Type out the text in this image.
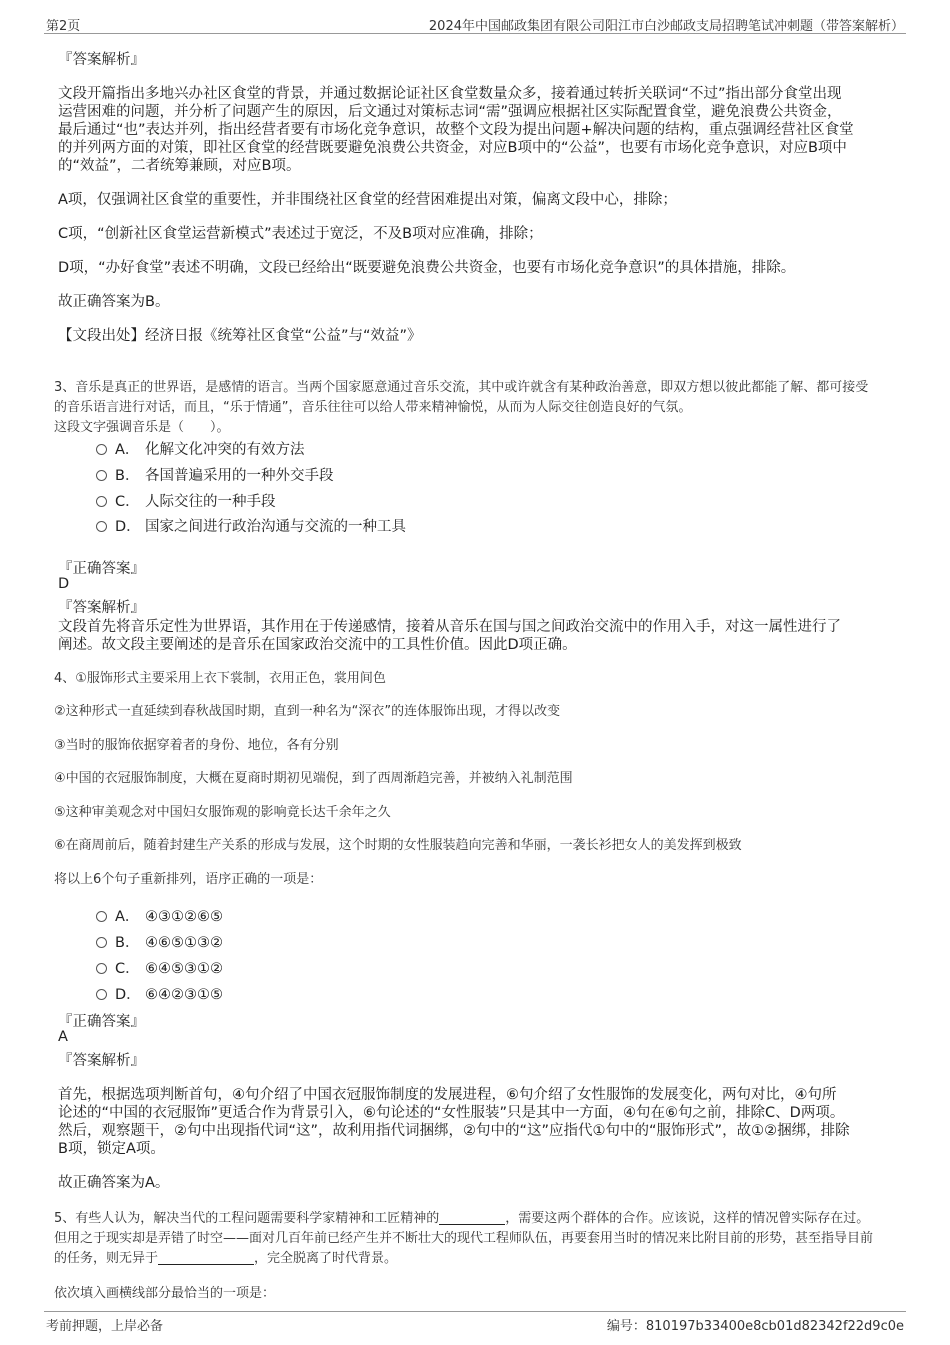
第2页	2024年中国邮政集团有限公司阳江市白沙邮政支局招聘笔试冲刺题（带答案解析）
『答案解析』
文段开篇指出多地兴办社区食堂的背景，并通过数据论证社区食堂数量众多，接着通过转折关联词“不过”指出部分食堂出现
运营困难的问题，并分析了问题产生的原因，后文通过对策标志词“需”强调应根据社区实际配置食堂，避免浪费公共资金，
最后通过“也”表达并列，指出经营者要有市场化竞争意识，故整个文段为提出问题+解决问题的结构，重点强调经营社区食堂
的并列两方面的对策，即社区食堂的经营既要避免浪费公共资金，对应B项中的“公益”，也要有市场化竞争意识，对应B项中
的“效益”，二者统筹兼顾，对应B项。
A项，仅强调社区食堂的重要性，并非围绕社区食堂的经营困难提出对策，偏离文段中心，排除；
C项，“创新社区食堂运营新模式”表述过于宽泛，不及B项对应准确，排除；
D项，“办好食堂”表述不明确，文段已经给出“既要避免浪费公共资金，也要有市场化竞争意识”的具体措施，排除。
故正确答案为B。
【文段出处】经济日报《统筹社区食堂“公益”与“效益”》
3、音乐是真正的世界语，是感情的语言。当两个国家愿意通过音乐交流，其中或许就含有某种政治善意，即双方想以彼此都能了解、都可接受
的音乐语言进行对话，而且，“乐于情通”，音乐往往可以给人带来精神愉悦，从而为人际交往创造良好的气氛。
这段文字强调音乐是（　　）。
A． 化解文化冲突的有效方法
B． 各国普遍采用的一种外交手段
C． 人际交往的一种手段
D． 国家之间进行政治沟通与交流的一种工具
『正确答案』
D
『答案解析』
文段首先将音乐定性为世界语，其作用在于传递感情，接着从音乐在国与国之间政治交流中的作用入手，对这一属性进行了
阐述。故文段主要阐述的是音乐在国家政治交流中的工具性价值。因此D项正确。
4、①服饰形式主要采用上衣下裳制，衣用正色，裳用间色
②这种形式一直延续到春秋战国时期，直到一种名为“深衣”的连体服饰出现，才得以改变
③当时的服饰依据穿着者的身份、地位，各有分别
④中国的衣冠服饰制度，大概在夏商时期初见端倪，到了西周渐趋完善，并被纳入礼制范围
⑤这种审美观念对中国妇女服饰观的影响竟长达千余年之久
⑥在商周前后，随着封建生产关系的形成与发展，这个时期的女性服装趋向完善和华丽，一袭长衫把女人的美发挥到极致
将以上6个句子重新排列，语序正确的一项是：
A． ④③①②⑥⑤
B． ④⑥⑤①③②
C． ⑥④⑤③①②
D． ⑥④②③①⑤
『正确答案』
A
『答案解析』
首先，根据选项判断首句，④句介绍了中国衣冠服饰制度的发展进程，⑥句介绍了女性服饰的发展变化，两句对比，④句所
论述的“中国的衣冠服饰”更适合作为背景引入，⑥句论述的“女性服装”只是其中一方面，④句在⑥句之前，排除C、D两项。
然后，观察题干，②句中出现指代词“这”，故利用指代词捆绑，②句中的“这”应指代①句中的“服饰形式”，故①②捆绑，排除
B项，锁定A项。
故正确答案为A。
5、有些人认为，解决当代的工程问题需要科学家精神和工匠精神的	，需要这两个群体的合作。应该说，这样的情况曾实际存在过。
但用之于现实却是弄错了时空——面对几百年前已经产生并不断壮大的现代工程师队伍，再要套用当时的情况来比附目前的形势，甚至指导目前
的任务，则无异于	，完全脱离了时代背景。
依次填入画横线部分最恰当的一项是：
考前押题，上岸必备	编号：810197b33400e8cb01d82342f22d9c0e
